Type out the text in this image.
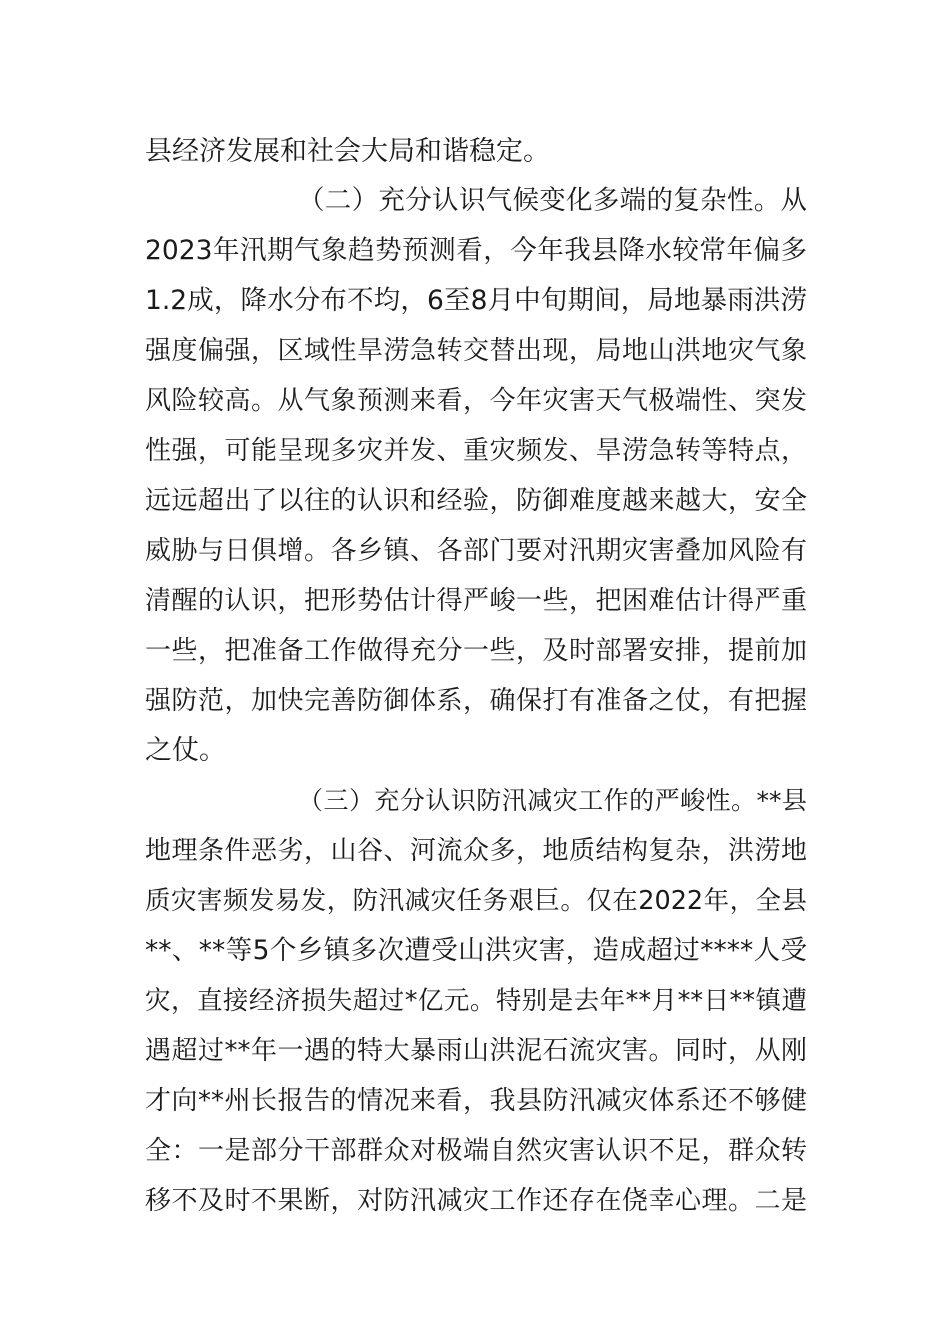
县经济发展和社会大局和谐稳定。
（二）充分认识气候变化多端的复杂性。从
2023年汛期气象趋势预测看，今年我县降水较常年偏多
1.2成，降水分布不均，6至8月中旬期间，局地暴雨洪涝
强度偏强，区域性旱涝急转交替出现，局地山洪地灾气象
风险较高。从气象预测来看，今年灾害天气极端性、突发
性强，可能呈现多灾并发、重灾频发、旱涝急转等特点，
远远超出了以往的认识和经验，防御难度越来越大，安全
威胁与日俱增。各乡镇、各部门要对汛期灾害叠加风险有
清醒的认识，把形势估计得严峻一些，把困难估计得严重
一些，把准备工作做得充分一些，及时部署安排，提前加
强防范，加快完善防御体系，确保打有准备之仗，有把握
之仗。
（三）充分认识防汛减灾工作的严峻性。**县
地理条件恶劣，山谷、河流众多，地质结构复杂，洪涝地
质灾害频发易发，防汛减灾任务艰巨。仅在2022年，全县
**、**等5个乡镇多次遭受山洪灾害，造成超过****人受
灾，直接经济损失超过*亿元。特别是去年**月**日**镇遭
遇超过**年一遇的特大暴雨山洪泥石流灾害。同时，从刚
才向**州长报告的情况来看，我县防汛减灾体系还不够健
全：一是部分干部群众对极端自然灾害认识不足，群众转
移不及时不果断，对防汛减灾工作还存在侥幸心理。二是
